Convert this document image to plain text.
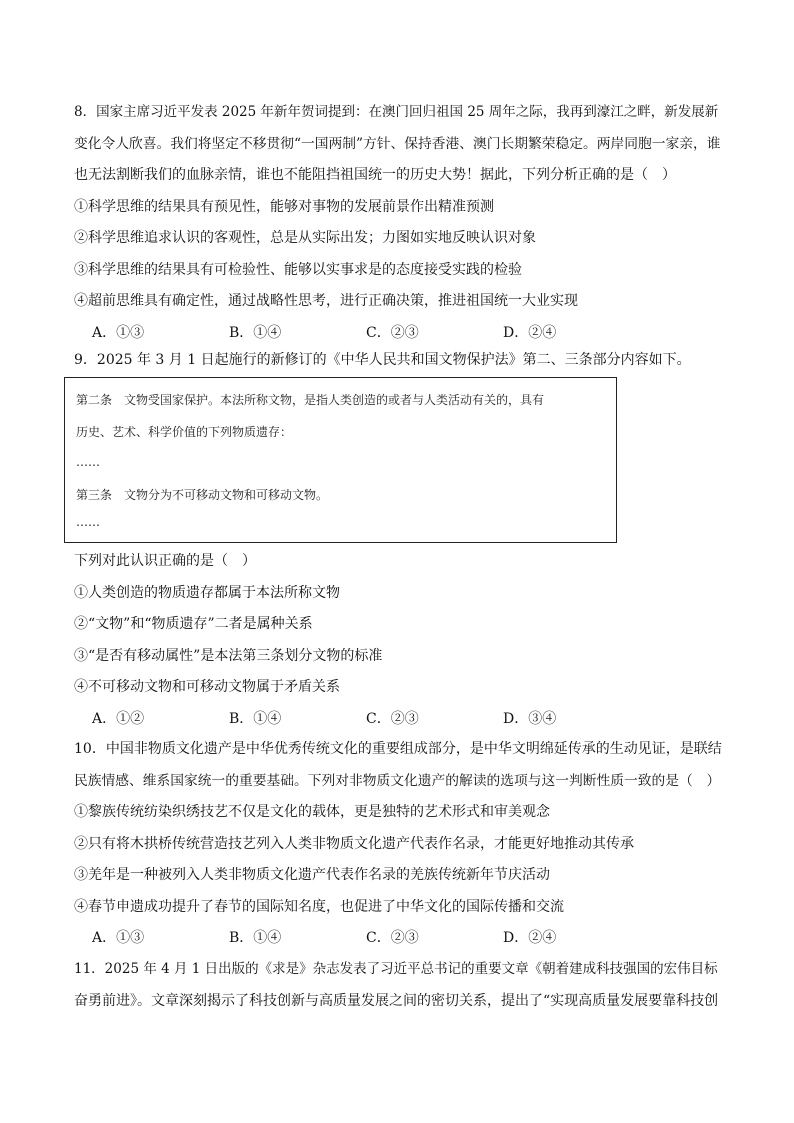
8．国家主席习近平发表 2025 年新年贺词提到：在澳门回归祖国 25 周年之际，我再到濠江之畔，新发展新
变化令人欣喜。我们将坚定不移贯彻“一国两制”方针、保持香港、澳门长期繁荣稳定。两岸同胞一家亲，谁
也无法割断我们的血脉亲情，谁也不能阻挡祖国统一的历史大势！据此，下列分析正确的是（　）
①科学思维的结果具有预见性，能够对事物的发展前景作出精准预测
②科学思维追求认识的客观性，总是从实际出发；力图如实地反映认识对象
③科学思维的结果具有可检验性、能够以实事求是的态度接受实践的检验
④超前思维具有确定性，通过战略性思考，进行正确决策，推进祖国统一大业实现
A．①③	B．①④	C．②③	D．②④
9．2025 年 3 月 1 日起施行的新修订的《中华人民共和国文物保护法》第二、三条部分内容如下。
第二条　文物受国家保护。本法所称文物，是指人类创造的或者与人类活动有关的，具有
历史、艺术、科学价值的下列物质遗存：
……
第三条　文物分为不可移动文物和可移动文物。
……
下列对此认识正确的是（　）
①人类创造的物质遗存都属于本法所称文物
②“文物”和“物质遗存”二者是属种关系
③“是否有移动属性”是本法第三条划分文物的标准
④不可移动文物和可移动文物属于矛盾关系
A．①②	B．①④	C．②③	D．③④
10．中国非物质文化遗产是中华优秀传统文化的重要组成部分，是中华文明绵延传承的生动见证，是联结
民族情感、维系国家统一的重要基础。下列对非物质文化遗产的解读的选项与这一判断性质一致的是（　）
①黎族传统纺染织绣技艺不仅是文化的载体，更是独特的艺术形式和审美观念
②只有将木拱桥传统营造技艺列入人类非物质文化遗产代表作名录，才能更好地推动其传承
③羌年是一种被列入人类非物质文化遗产代表作名录的羌族传统新年节庆活动
④春节申遗成功提升了春节的国际知名度，也促进了中华文化的国际传播和交流
A．①③	B．①④	C．②③	D．②④
11．2025 年 4 月 1 日出版的《求是》杂志发表了习近平总书记的重要文章《朝着建成科技强国的宏伟目标
奋勇前进》。文章深刻揭示了科技创新与高质量发展之间的密切关系，提出了“实现高质量发展要靠科技创
